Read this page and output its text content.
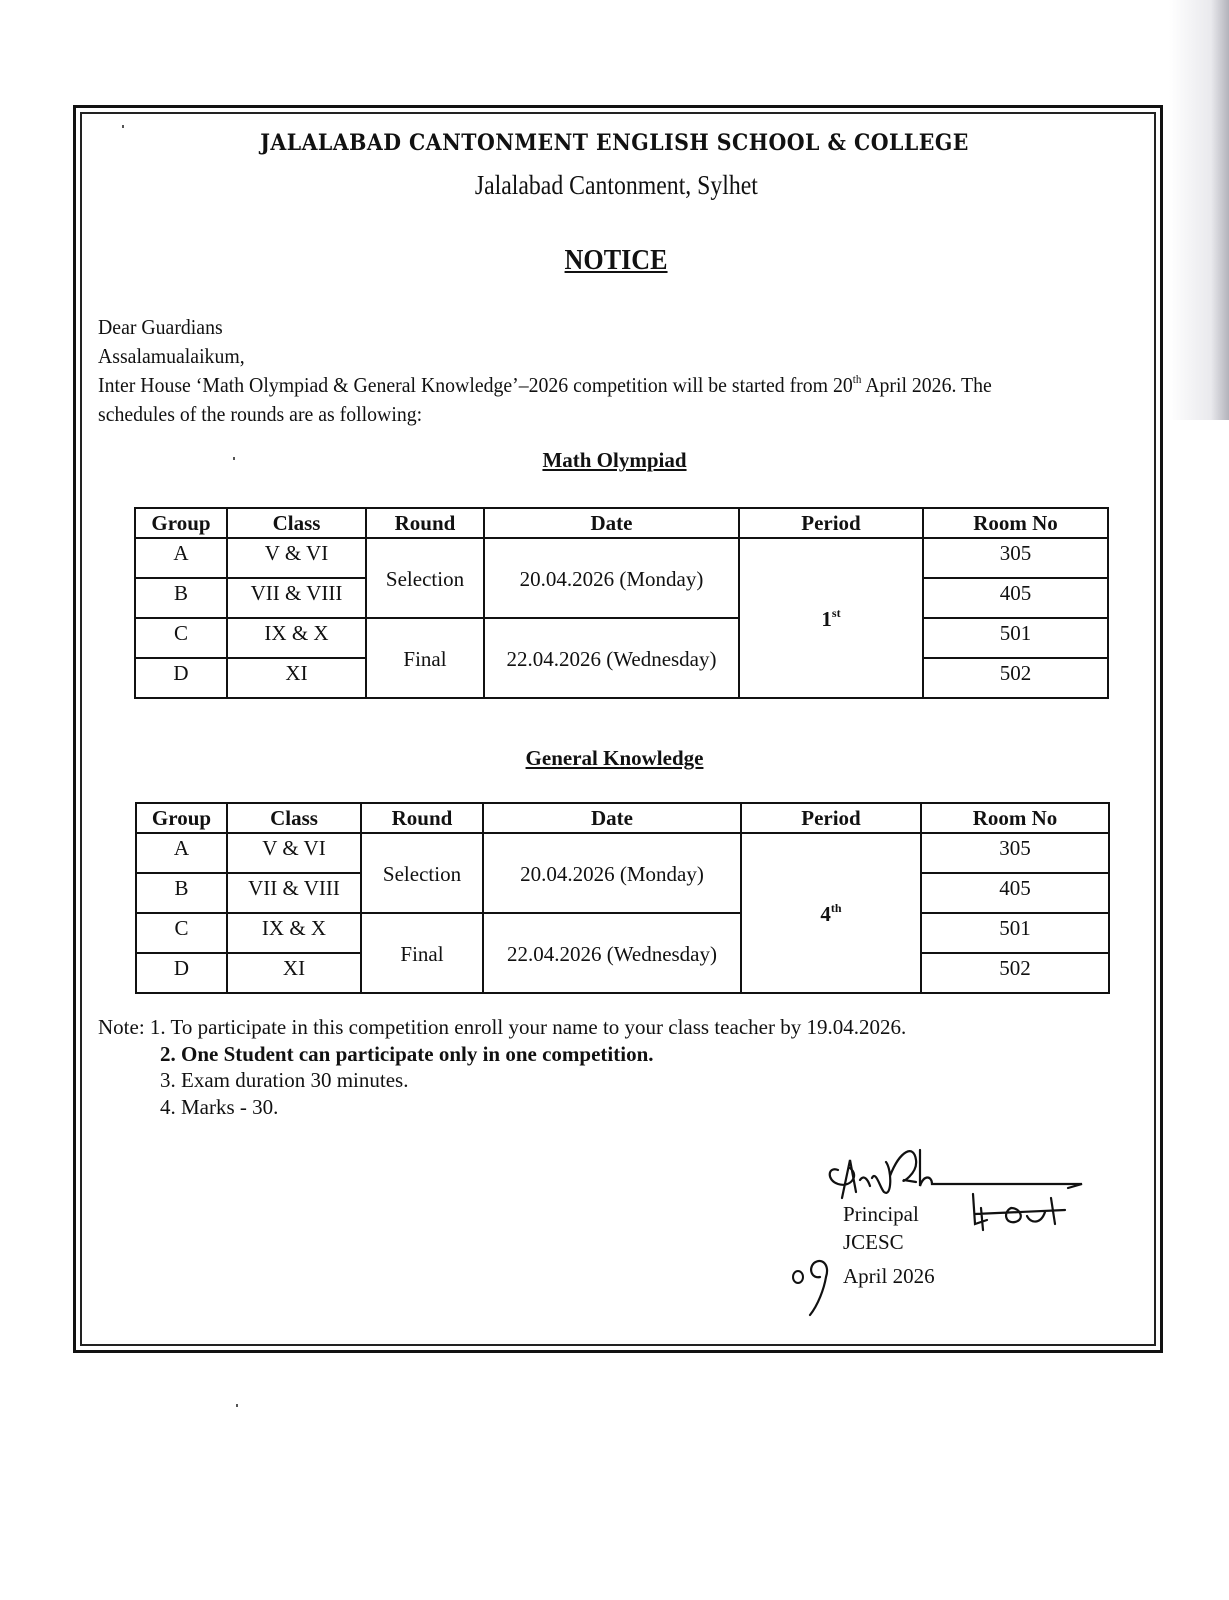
JALALABAD CANTONMENT ENGLISH SCHOOL & COLLEGE
Jalalabad Cantonment, Sylhet
NOTICE
Dear Guardians
Assalamualaikum,
Inter House ‘Math Olympiad & General Knowledge’–2026 competition will be started from 20th April 2026. The
schedules of the rounds are as following:
Math Olympiad
Group	Class	Round	Date	Period	Room No
A	V & VI	Selection	20.04.2026 (Monday)	1st	305
B	VII & VIII				405
C	IX & X	Final	22.04.2026 (Wednesday)		501
D	XI				502
General Knowledge
Group	Class	Round	Date	Period	Room No
A	V & VI	Selection	20.04.2026 (Monday)	4th	305
B	VII & VIII				405
C	IX & X	Final	22.04.2026 (Wednesday)		501
D	XI				502
Note: 1. To participate in this competition enroll your name to your class teacher by 19.04.2026.
2. One Student can participate only in one competition.
3. Exam duration 30 minutes.
4. Marks - 30.
Principal
JCESC
April 2026
